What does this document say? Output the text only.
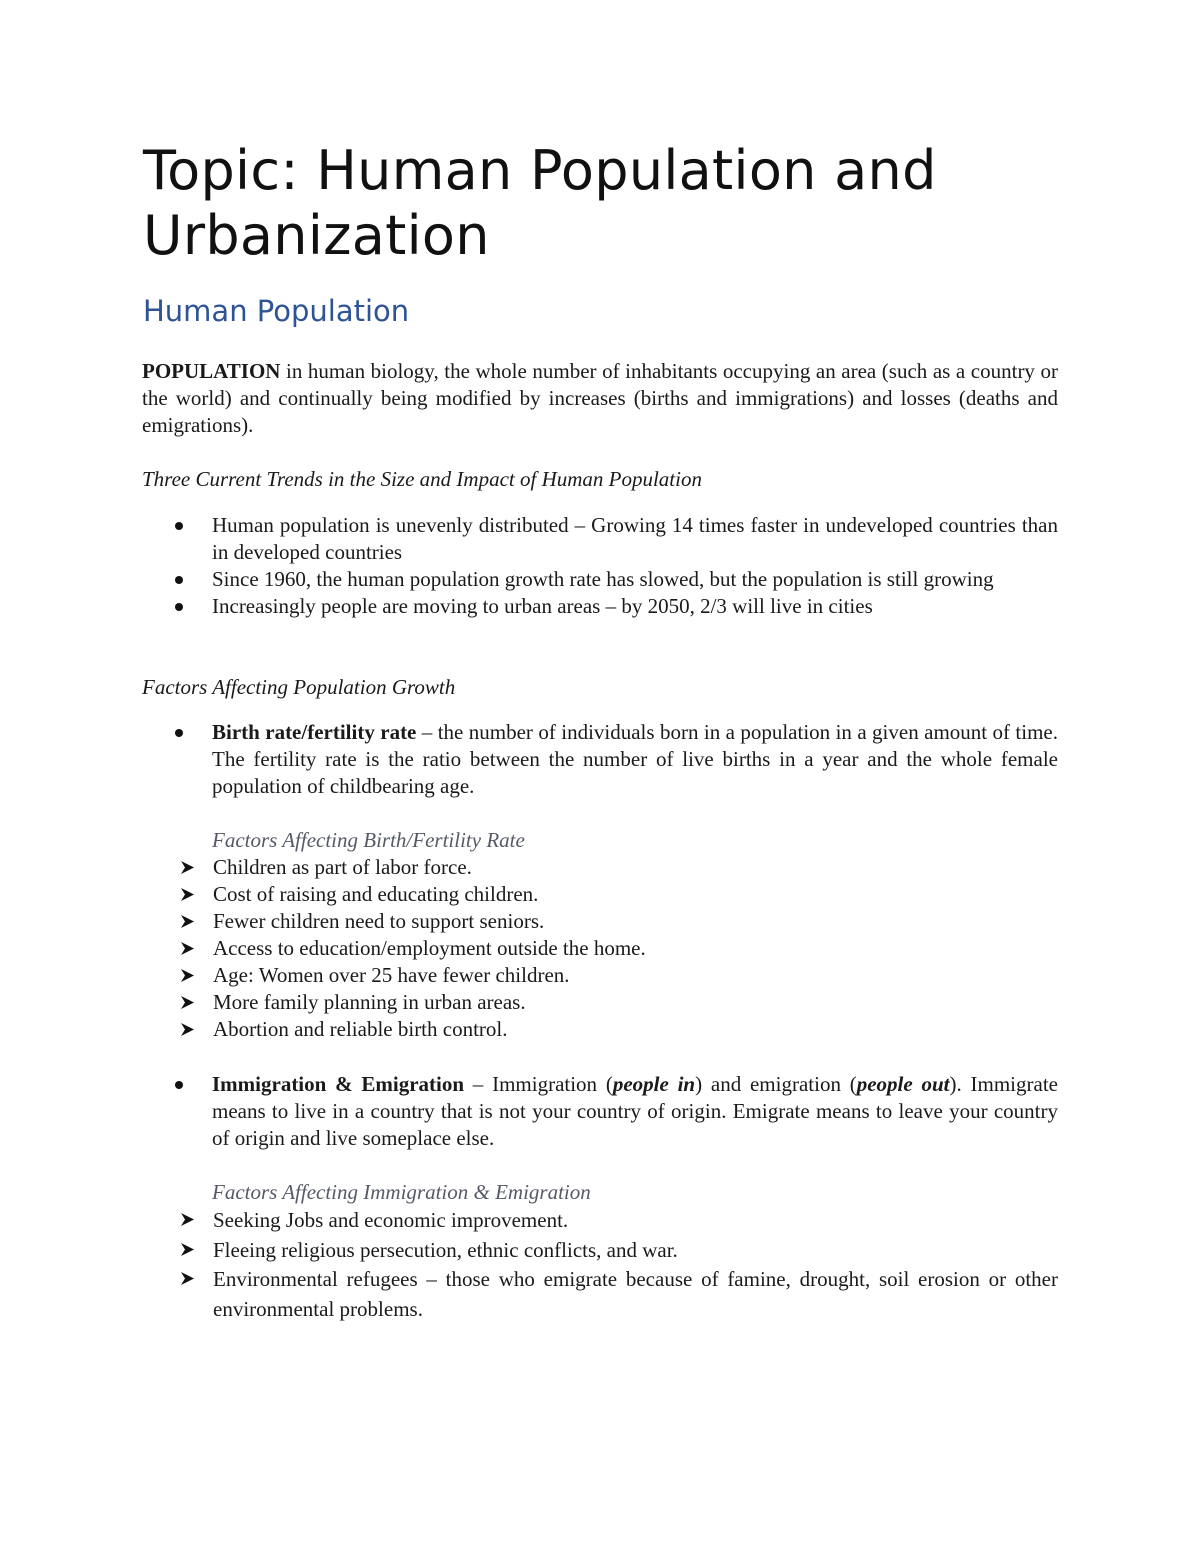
Topic: Human Population and Urbanization
Human Population

POPULATION in human biology, the whole number of inhabitants occupying an area (such as a country or the world) and continually being modified by increases (births and immigrations) and losses (deaths and emigrations).

Three Current Trends in the Size and Impact of Human Population

Human population is unevenly distributed – Growing 14 times faster in undeveloped countries than in developed countries
Since 1960, the human population growth rate has slowed, but the population is still growing
Increasingly people are moving to urban areas – by 2050, 2/3 will live in cities

Factors Affecting Population Growth

Birth rate/fertility rate – the number of individuals born in a population in a given amount of time. The fertility rate is the ratio between the number of live births in a year and the whole female population of childbearing age.
Factors Affecting Birth/Fertility Rate
Children as part of labor force.
Cost of raising and educating children.
Fewer children need to support seniors.
Access to education/employment outside the home.
Age: Women over 25 have fewer children.
More family planning in urban areas.
Abortion and reliable birth control.
Immigration & Emigration – Immigration (people in) and emigration (people out). Immigrate means to live in a country that is not your country of origin. Emigrate means to leave your country of origin and live someplace else.
Factors Affecting Immigration & Emigration
Seeking Jobs and economic improvement.
Fleeing religious persecution, ethnic conflicts, and war.
Environmental refugees – those who emigrate because of famine, drought, soil erosion or other environmental problems.
